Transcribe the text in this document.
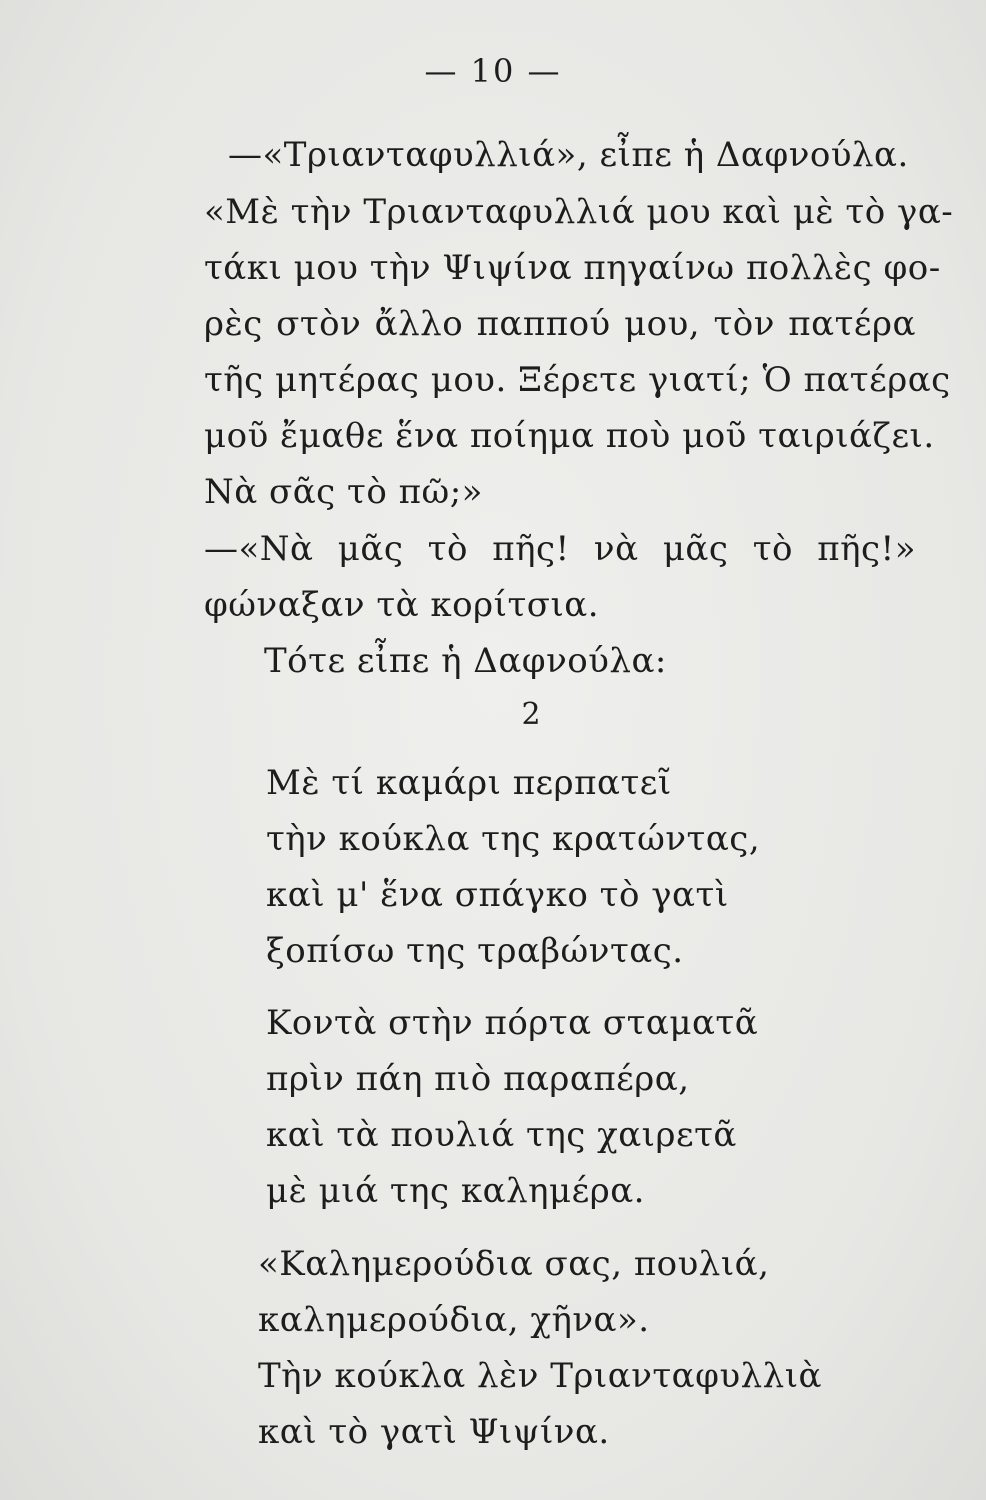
— 10 —
—«Τριανταφυλλιά», εἶπε ἡ Δαφνούλα.
«Μὲ τὴν Τριανταφυλλιά μου καὶ μὲ τὸ γα-
τάκι μου τὴν Ψιψίνα πηγαίνω πολλὲς φο-
ρὲς στὸν ἄλλο παππού μου, τὸν πατέρα
τῆς μητέρας μου. Ξέρετε γιατί; Ὁ πατέρας
μοῦ ἔμαθε ἕνα ποίημα ποὺ μοῦ ταιριάζει.
Νὰ σᾶς τὸ πῶ;»
—«Νὰ μᾶς τὸ πῆς! νὰ μᾶς τὸ πῆς!»
φώναξαν τὰ κορίτσια.
Τότε εἶπε ἡ Δαφνούλα:
2
Μὲ τί καμάρι περπατεῖ
τὴν κούκλα της κρατώντας,
καὶ μ' ἕνα σπάγκο τὸ γατὶ
ξοπίσω της τραβώντας.
Κοντὰ στὴν πόρτα σταματᾶ
πρὶν πάη πιὸ παραπέρα,
καὶ τὰ πουλιά της χαιρετᾶ
μὲ μιά της καλημέρα.
«Καλημερούδια σας, πουλιά,
καλημερούδια, χῆνα».
Τὴν κούκλα λὲν Τριανταφυλλιὰ
καὶ τὸ γατὶ Ψιψίνα.
